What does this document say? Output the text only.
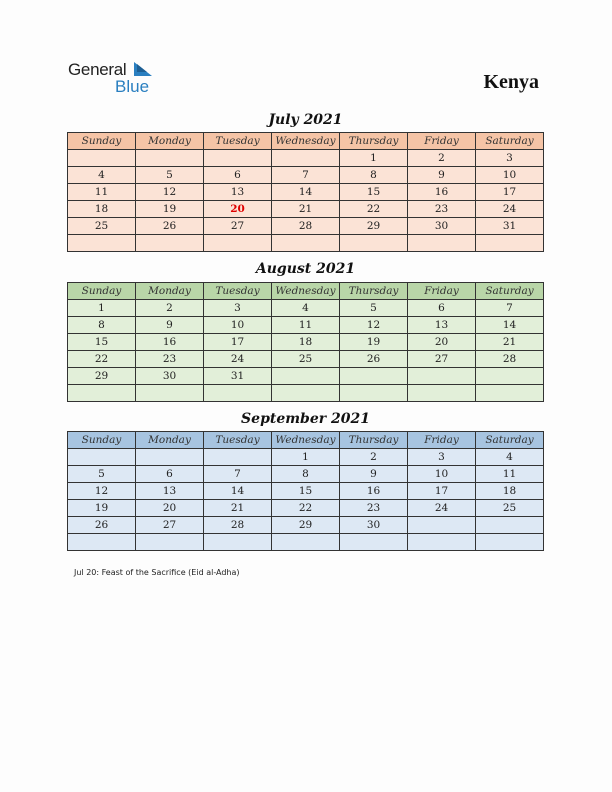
General
Blue	Kenya
July 2021
Sunday	Monday	Tuesday	Wednesday	Thursday	Friday	Saturday
				1	2	3
4	5	6	7	8	9	10
11	12	13	14	15	16	17
18	19	20	21	22	23	24
25	26	27	28	29	30	31

August 2021
Sunday	Monday	Tuesday	Wednesday	Thursday	Friday	Saturday
1	2	3	4	5	6	7
8	9	10	11	12	13	14
15	16	17	18	19	20	21
22	23	24	25	26	27	28
29	30	31				

September 2021
Sunday	Monday	Tuesday	Wednesday	Thursday	Friday	Saturday
			1	2	3	4
5	6	7	8	9	10	11
12	13	14	15	16	17	18
19	20	21	22	23	24	25
26	27	28	29	30		

Jul 20: Feast of the Sacrifice (Eid al-Adha)
